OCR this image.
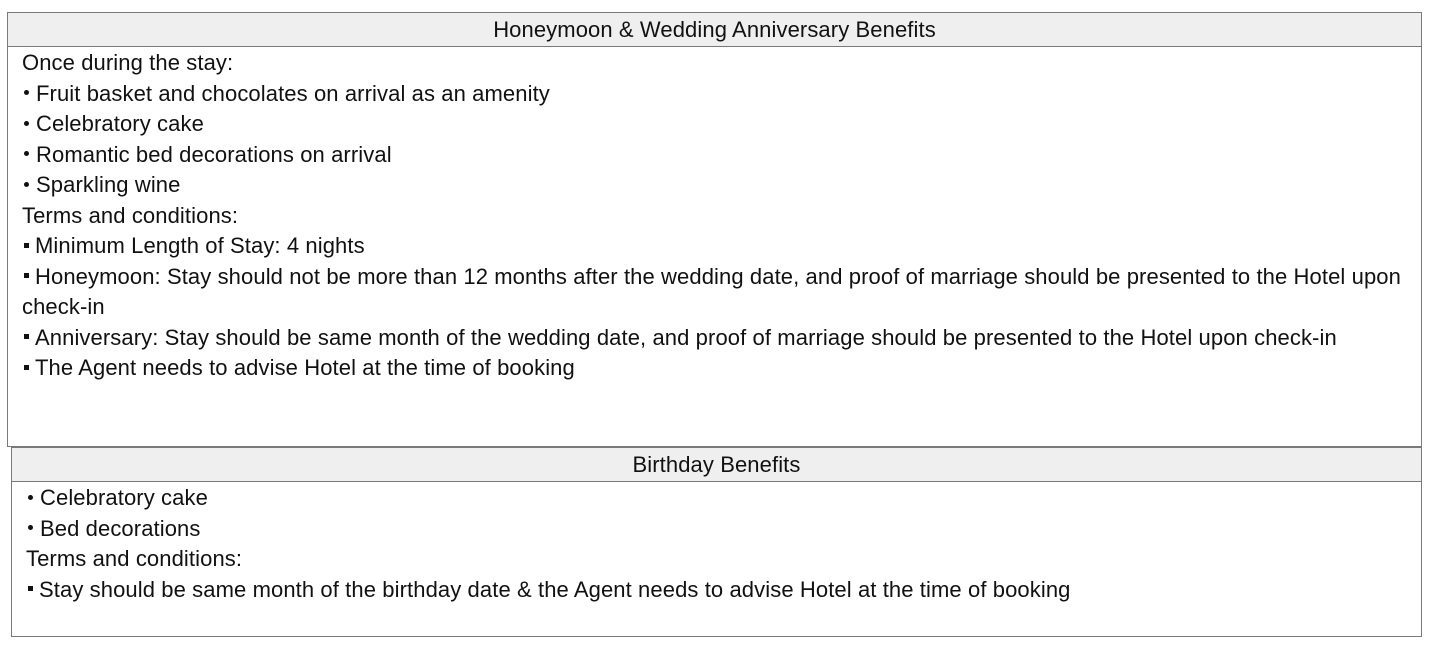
Honeymoon & Wedding Anniversary Benefits

Once during the stay:

Fruit basket and chocolates on arrival as an amenity

Celebratory cake

Romantic bed decorations on arrival

Sparkling wine

Terms and conditions:

Minimum Length of Stay: 4 nights

Honeymoon: Stay should not be more than 12 months after the wedding date, and proof of marriage should be presented to the Hotel upon check-in

Anniversary: Stay should be same month of the wedding date, and proof of marriage should be presented to the Hotel upon check-in

The Agent needs to advise Hotel at the time of booking

Birthday Benefits

Celebratory cake

Bed decorations

Terms and conditions:

Stay should be same month of the birthday date & the Agent needs to advise Hotel at the time of booking
